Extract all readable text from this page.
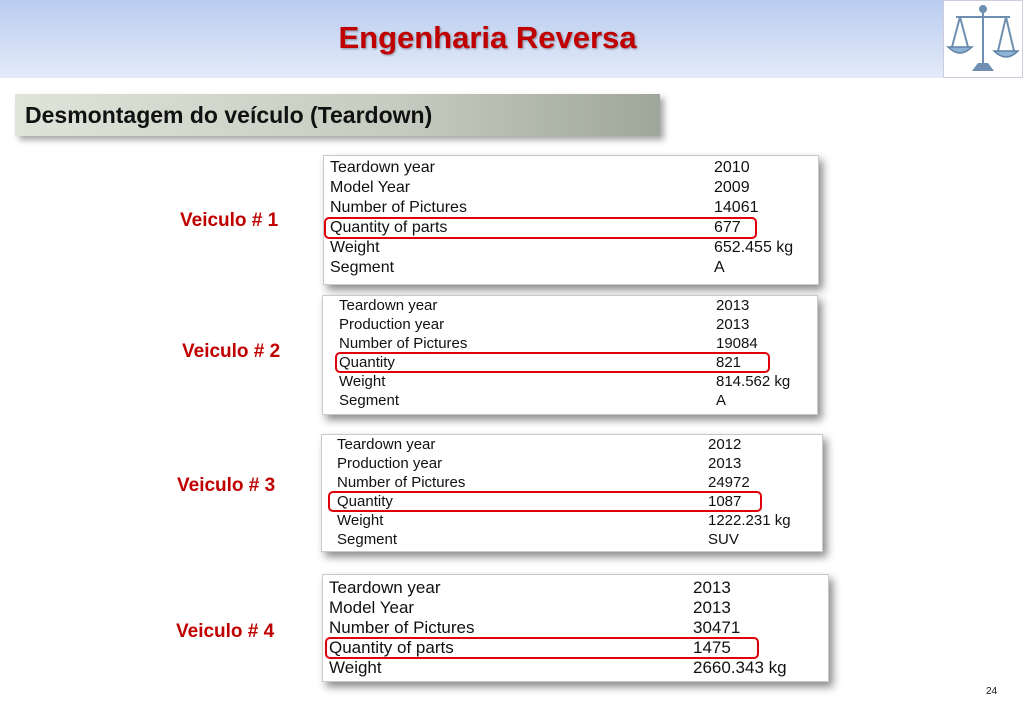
Engenharia Reversa
Desmontagem do veículo (Teardown)
Veiculo # 1
Teardown year	2010
Model Year	2009
Number of Pictures	14061
Quantity of parts	677
Weight	652.455 kg
Segment	A
Veiculo # 2
Teardown year	2013
Production year	2013
Number of Pictures	19084
Quantity	821
Weight	814.562 kg
Segment	A
Veiculo # 3
Teardown year	2012
Production year	2013
Number of Pictures	24972
Quantity	1087
Weight	1222.231 kg
Segment	SUV
Veiculo # 4
Teardown year	2013
Model Year	2013
Number of Pictures	30471
Quantity of parts	1475
Weight	2660.343 kg
24
